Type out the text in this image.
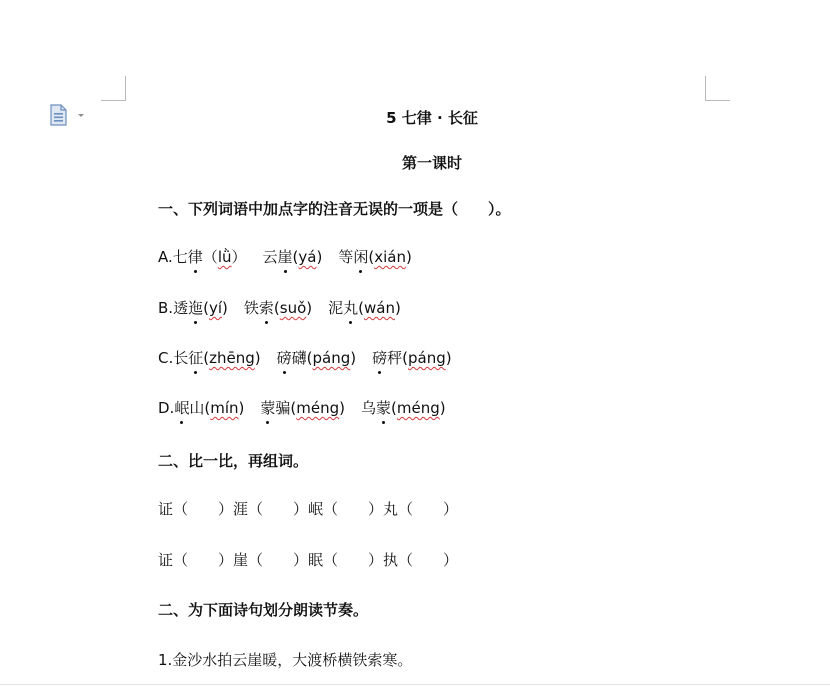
5 七律 · 长征
第一课时
一、下列词语中加点字的注音无误的一项是（　　）。
A.七律（lǜ） 云崖(yá) 等闲(xián)
B.透迤(yí) 铁索(suǒ) 泥丸(wán)
C.长征(zhēng) 磅礴(páng) 磅秤(páng)
D.岷山(mín) 蒙骗(méng) 乌蒙(méng)
二、比一比，再组词。
证（　　）涯（　　）岷（　　）丸（　　）
证（　　）崖（　　）眠（　　）执（　　）
二、为下面诗句划分朗读节奏。
1.金沙水拍云崖暖，大渡桥横铁索寒。
